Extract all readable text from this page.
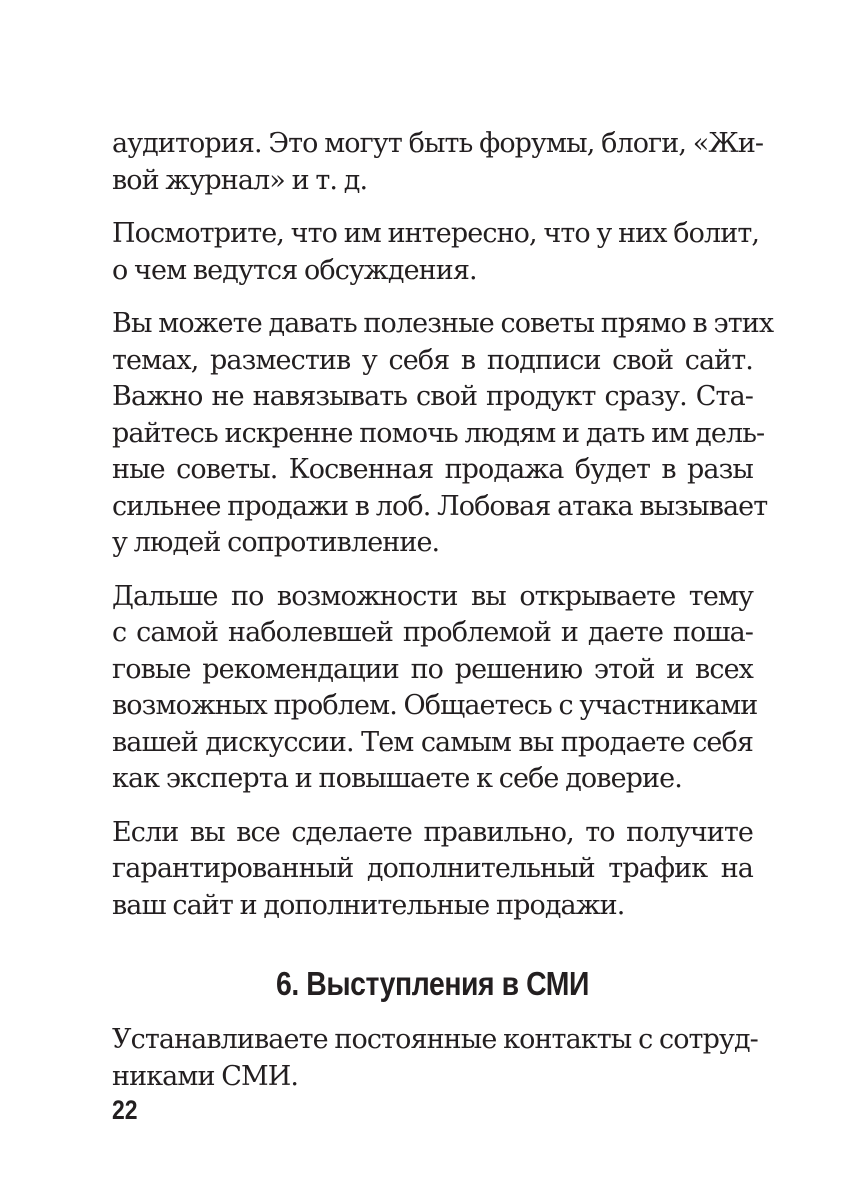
аудитория. Это могут быть форумы, блоги, «Жи-
вой журнал» и т. д.

Посмотрите, что им интересно, что у них болит,
о чем ведутся обсуждения.

Вы можете давать полезные советы прямо в этих
темах, разместив у себя в подписи свой сайт.
Важно не навязывать свой продукт сразу. Ста-
райтесь искренне помочь людям и дать им дель-
ные советы. Косвенная продажа будет в разы
сильнее продажи в лоб. Лобовая атака вызывает
у людей сопротивление.

Дальше по возможности вы открываете тему
с самой наболевшей проблемой и даете поша-
говые рекомендации по решению этой и всех
возможных проблем. Общаетесь с участниками
вашей дискуссии. Тем самым вы продаете себя
как эксперта и повышаете к себе доверие.

Если вы все сделаете правильно, то получите
гарантированный дополнительный трафик на
ваш сайт и дополнительные продажи.

6. Выступления в СМИ

Устанавливаете постоянные контакты с сотруд-
никами СМИ.

22
